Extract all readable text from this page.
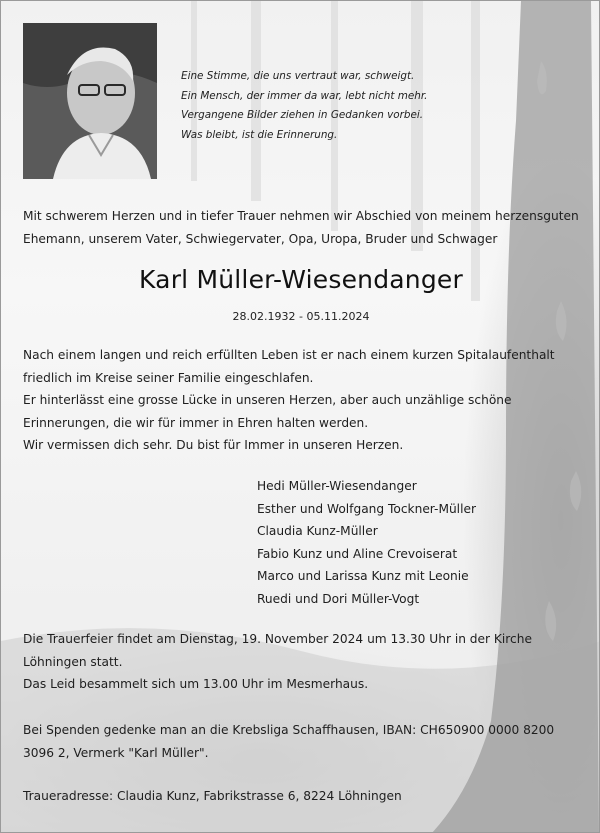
Eine Stimme, die uns vertraut war, schweigt.
Ein Mensch, der immer da war, lebt nicht mehr.
Vergangene Bilder ziehen in Gedanken vorbei.
Was bleibt, ist die Erinnerung.
Mit schwerem Herzen und in tiefer Trauer nehmen wir Abschied von meinem herzensguten
Ehemann, unserem Vater, Schwiegervater, Opa, Uropa, Bruder und Schwager
Karl Müller-Wiesendanger
28.02.1932 - 05.11.2024
Nach einem langen und reich erfüllten Leben ist er nach einem kurzen Spitalaufenthalt
friedlich im Kreise seiner Familie eingeschlafen.
Er hinterlässt eine grosse Lücke in unseren Herzen, aber auch unzählige schöne
Erinnerungen, die wir für immer in Ehren halten werden.
Wir vermissen dich sehr. Du bist für Immer in unseren Herzen.
Hedi Müller-Wiesendanger
Esther und Wolfgang Tockner-Müller
Claudia Kunz-Müller
Fabio Kunz und Aline Crevoiserat
Marco und Larissa Kunz mit Leonie
Ruedi und Dori Müller-Vogt
Die Trauerfeier findet am Dienstag, 19. November 2024 um 13.30 Uhr in der Kirche
Löhningen statt.
Das Leid besammelt sich um 13.00 Uhr im Mesmerhaus.
Bei Spenden gedenke man an die Krebsliga Schaffhausen, IBAN: CH650900 0000 8200
3096 2, Vermerk "Karl Müller".
Traueradresse: Claudia Kunz, Fabrikstrasse 6, 8224 Löhningen
